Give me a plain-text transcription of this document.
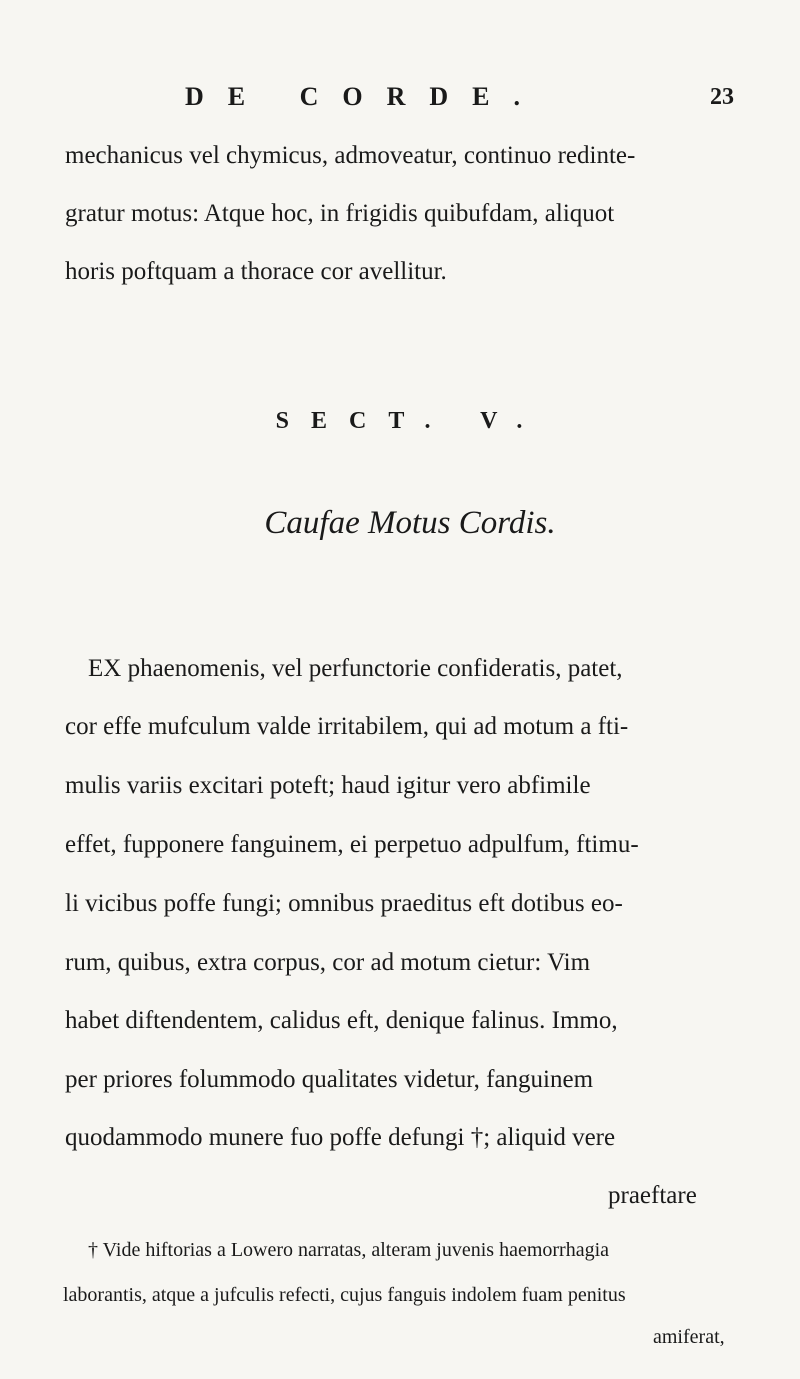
DE CORDE.	23
mechanicus vel chymicus, admoveatur, continuo redinte-
gratur motus: Atque hoc, in frigidis quibufdam, aliquot
horis poftquam a thorace cor avellitur.
SECT. V.
Caufae Motus Cordis.
EX phaenomenis, vel perfunctorie confideratis, patet,
cor effe mufculum valde irritabilem, qui ad motum a fti-
mulis variis excitari poteft; haud igitur vero abfimile
effet, fupponere fanguinem, ei perpetuo adpulfum, ftimu-
li vicibus poffe fungi; omnibus praeditus eft dotibus eo-
rum, quibus, extra corpus, cor ad motum cietur: Vim
habet diftendentem, calidus eft, denique falinus. Immo,
per priores folummodo qualitates videtur, fanguinem
quodammodo munere fuo poffe defungi †; aliquid vere
praeftare
† Vide hiftorias a Lowero narratas, alteram juvenis haemorrhagia
laborantis, atque a jufculis refecti, cujus fanguis indolem fuam penitus
amiferat,
